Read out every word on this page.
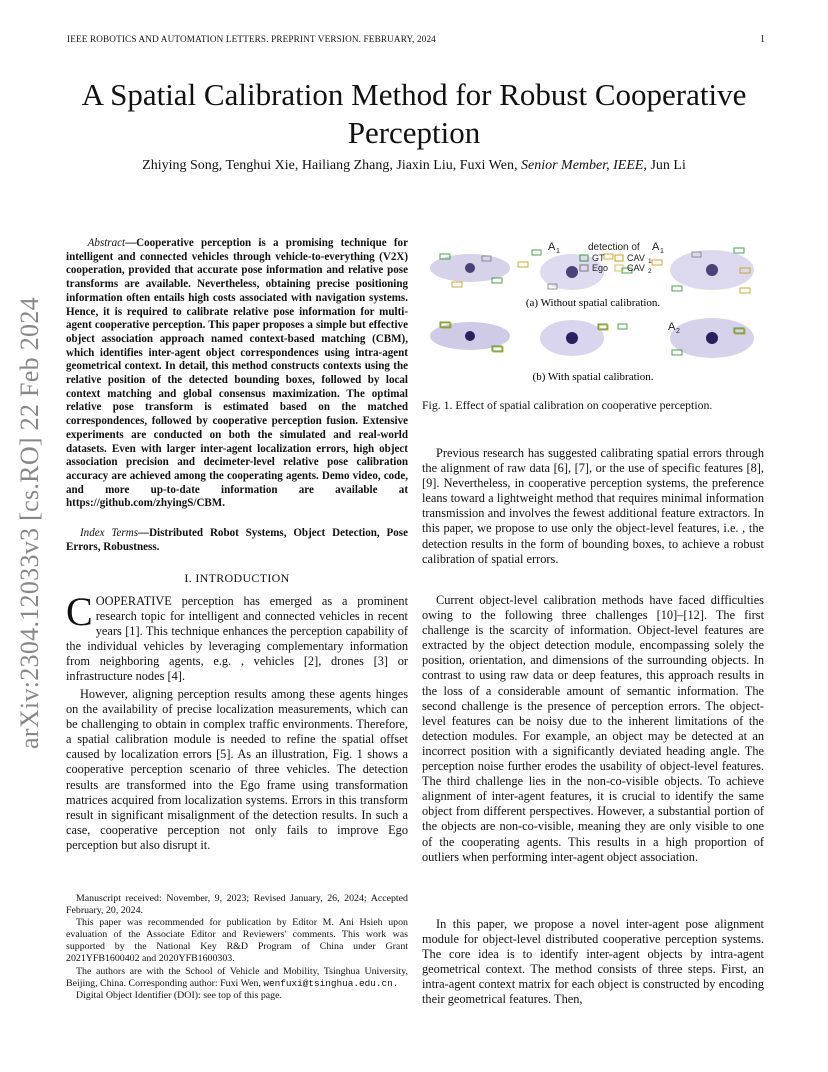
IEEE ROBOTICS AND AUTOMATION LETTERS. PREPRINT VERSION. FEBRUARY, 2024	1
A Spatial Calibration Method for Robust Cooperative Perception
Zhiying Song, Tenghui Xie, Hailiang Zhang, Jiaxin Liu, Fuxi Wen, Senior Member, IEEE, Jun Li
arXiv:2304.12033v3 [cs.RO] 22 Feb 2024
Abstract—Cooperative perception is a promising technique for intelligent and connected vehicles through vehicle-to-everything (V2X) cooperation, provided that accurate pose information and relative pose transforms are available. Nevertheless, obtaining precise positioning information often entails high costs associated with navigation systems. Hence, it is required to calibrate relative pose information for multi-agent cooperative perception. This paper proposes a simple but effective object association approach named context-based matching (CBM), which identifies inter-agent object correspondences using intra-agent geometrical context. In detail, this method constructs contexts using the relative position of the detected bounding boxes, followed by local context matching and global consensus maximization. The optimal relative pose transform is estimated based on the matched correspondences, followed by cooperative perception fusion. Extensive experiments are conducted on both the simulated and real-world datasets. Even with larger inter-agent localization errors, high object association precision and decimeter-level relative pose calibration accuracy are achieved among the cooperating agents. Demo video, code, and more up-to-date information are available at https://github.com/zhyingS/CBM.
Index Terms—Distributed Robot Systems, Object Detection, Pose Errors, Robustness.
I. INTRODUCTION
COOPERATIVE perception has emerged as a prominent research topic for intelligent and connected vehicles in recent years [1]. This technique enhances the perception capability of the individual vehicles by leveraging complementary information from neighboring agents, e.g. , vehicles [2], drones [3] or infrastructure nodes [4].
However, aligning perception results among these agents hinges on the availability of precise localization measurements, which can be challenging to obtain in complex traffic environments. Therefore, a spatial calibration module is needed to refine the spatial offset caused by localization errors [5]. As an illustration, Fig. 1 shows a cooperative perception scenario of three vehicles. The detection results are transformed into the Ego frame using transformation matrices acquired from localization systems. Errors in this transform result in significant misalignment of the detection results. In such a case, cooperative perception not only fails to improve Ego perception but also disrupt it.

Manuscript received: November, 9, 2023; Revised January, 26, 2024; Accepted February, 20, 2024.

This paper was recommended for publication by Editor M. Ani Hsieh upon evaluation of the Associate Editor and Reviewers' comments. This work was supported by the National Key R&D Program of China under Grant 2021YFB1600402 and 2020YFB1600303.

The authors are with the School of Vehicle and Mobility, Tsinghua University, Beijing, China. Corresponding author: Fuxi Wen, wenfuxi@tsinghua.edu.cn.

Digital Object Identifier (DOI): see top of this page.

detection of A 1
GT
Ego
CAV 1
CAV 2
A 1
(a) Without spatial calibration.
A 2
(b) With spatial calibration.
Fig. 1. Effect of spatial calibration on cooperative perception.
Previous research has suggested calibrating spatial errors through the alignment of raw data [6], [7], or the use of specific features [8], [9]. Nevertheless, in cooperative perception systems, the preference leans toward a lightweight method that requires minimal information transmission and involves the fewest additional feature extractors. In this paper, we propose to use only the object-level features, i.e. , the detection results in the form of bounding boxes, to achieve a robust calibration of spatial errors.
Current object-level calibration methods have faced difficulties owing to the following three challenges [10]–[12]. The first challenge is the scarcity of information. Object-level features are extracted by the object detection module, encompassing solely the position, orientation, and dimensions of the surrounding objects. In contrast to using raw data or deep features, this approach results in the loss of a considerable amount of semantic information. The second challenge is the presence of perception errors. The object-level features can be noisy due to the inherent limitations of the detection modules. For example, an object may be detected at an incorrect position with a significantly deviated heading angle. The perception noise further erodes the usability of object-level features. The third challenge lies in the non-co-visible objects. To achieve alignment of inter-agent features, it is crucial to identify the same object from different perspectives. However, a substantial portion of the objects are non-co-visible, meaning they are only visible to one of the cooperating agents. This results in a high proportion of outliers when performing inter-agent object association.
In this paper, we propose a novel inter-agent pose alignment module for object-level distributed cooperative perception systems. The core idea is to identify inter-agent objects by intra-agent geometrical context. The method consists of three steps. First, an intra-agent context matrix for each object is constructed by encoding their geometrical features. Then,
